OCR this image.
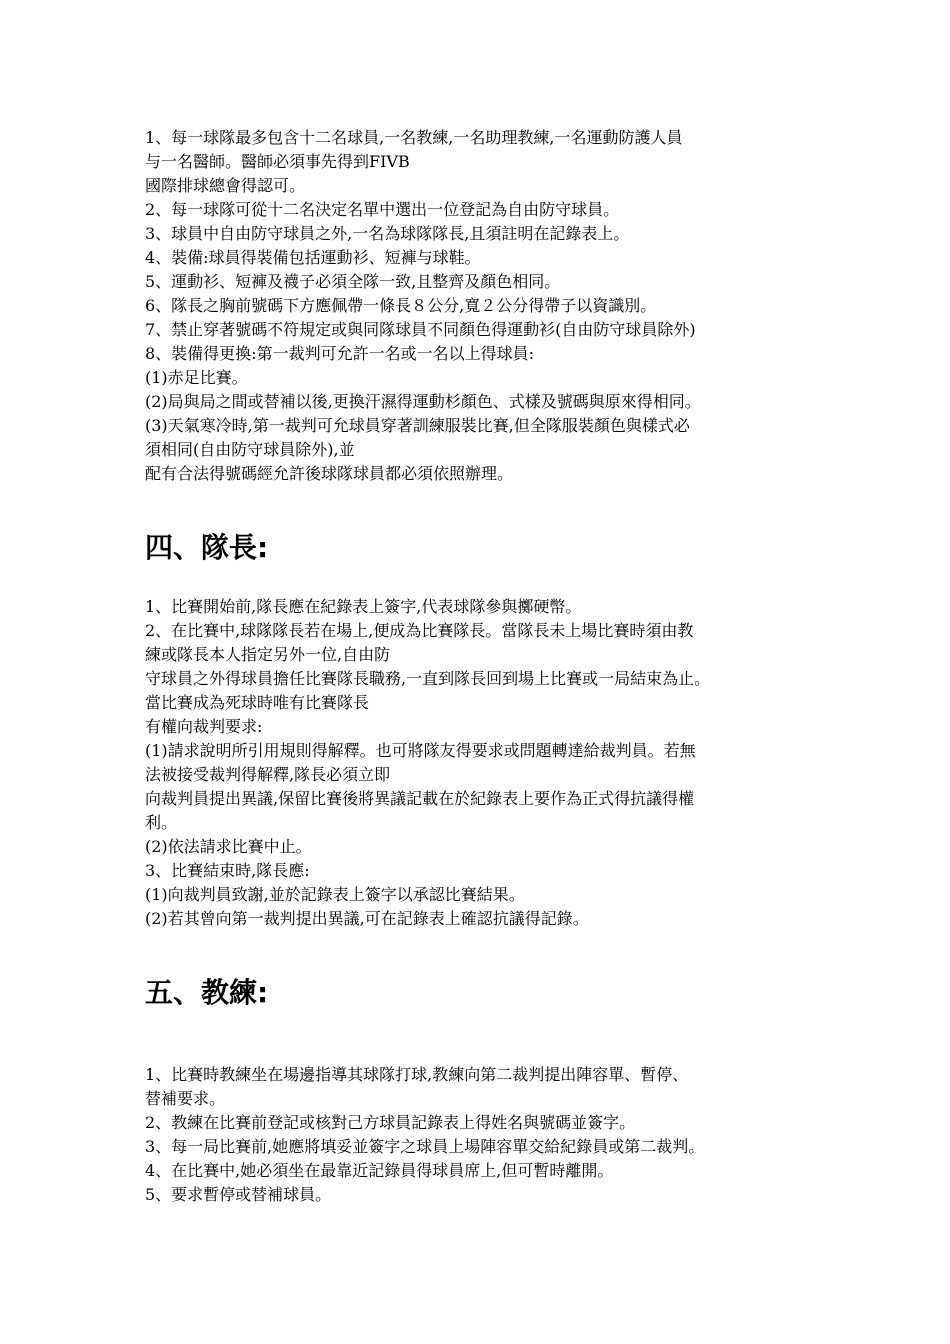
1、每一球隊最多包含十二名球員,一名教練,一名助理教練,一名運動防護人員
与一名醫師。醫師必須事先得到FIVB
國際排球總會得認可。
2、每一球隊可從十二名決定名單中選出一位登記為自由防守球員。
3、球員中自由防守球員之外,一名為球隊隊長,且須註明在記錄表上。
4、裝備:球員得裝備包括運動衫、短褲与球鞋。
5、運動衫、短褲及襪子必須全隊一致,且整齊及顏色相同。
6、隊長之胸前號碼下方應佩帶一條長８公分,寬２公分得帶子以資識別。
7、禁止穿著號碼不符規定或與同隊球員不同顏色得運動衫(自由防守球員除外)
8、裝備得更換:第一裁判可允許一名或一名以上得球員:
(1)赤足比賽。
(2)局與局之間或替補以後,更換汗濕得運動杉顏色、式樣及號碼與原來得相同。
(3)天氣寒冷時,第一裁判可允球員穿著訓練服裝比賽,但全隊服裝顏色與樣式必
須相同(自由防守球員除外),並
配有合法得號碼經允許後球隊球員都必須依照辦理。
四、隊長:
1、比賽開始前,隊長應在紀錄表上簽字,代表球隊參與擲硬幣。
2、在比賽中,球隊隊長若在場上,便成為比賽隊長。當隊長未上場比賽時須由教
練或隊長本人指定另外一位,自由防
守球員之外得球員擔任比賽隊長職務,一直到隊長回到場上比賽或一局結束為止。
當比賽成為死球時唯有比賽隊長
有權向裁判要求:
(1)請求說明所引用規則得解釋。也可將隊友得要求或問題轉達給裁判員。若無
法被接受裁判得解釋,隊長必須立即
向裁判員提出異議,保留比賽後將異議記載在於紀錄表上要作為正式得抗議得權
利。
(2)依法請求比賽中止。
3、比賽結束時,隊長應:
(1)向裁判員致謝,並於記錄表上簽字以承認比賽結果。
(2)若其曾向第一裁判提出異議,可在記錄表上確認抗議得記錄。
五、教練:
1、比賽時教練坐在場邊指導其球隊打球,教練向第二裁判提出陣容單、暫停、
替補要求。
2、教練在比賽前登記或核對己方球員記錄表上得姓名與號碼並簽字。
3、每一局比賽前,她應將填妥並簽字之球員上場陣容單交給紀錄員或第二裁判。
4、在比賽中,她必須坐在最靠近記錄員得球員席上,但可暫時離開。
5、要求暫停或替補球員。
